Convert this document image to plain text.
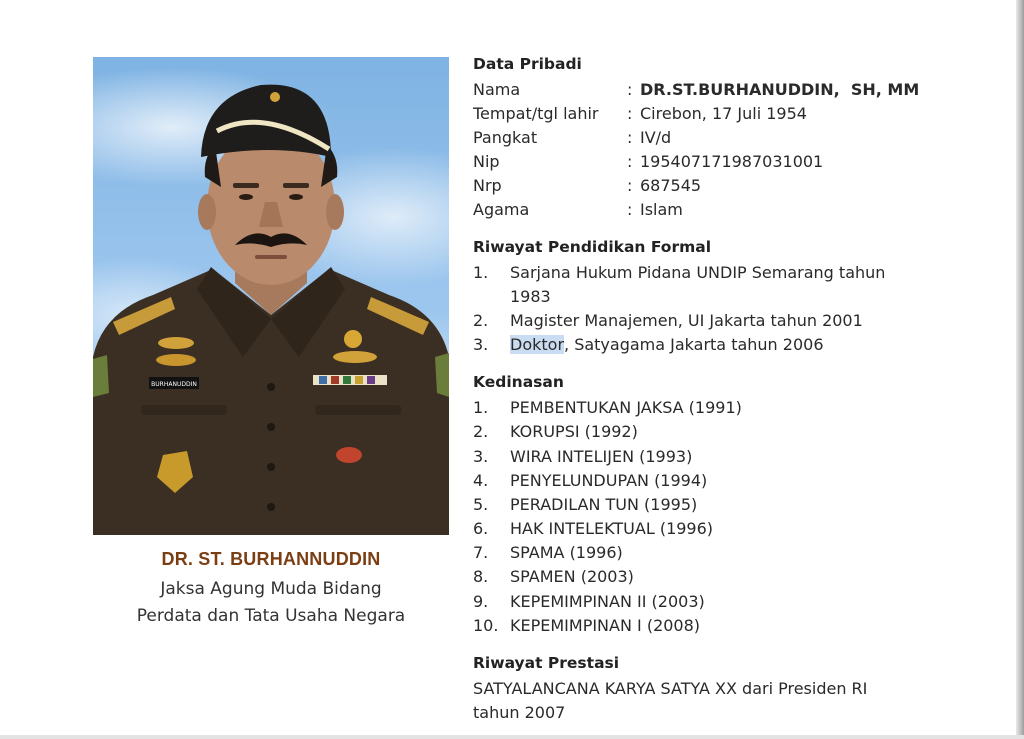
BURHANUDDIN
DR. ST. BURHANNUDDIN
Jaksa Agung Muda Bidang
Perdata dan Tata Usaha Negara
Data Pribadi
Nama	: DR.ST.BURHANUDDIN,  SH, MM
Tempat/tgl lahir : Cirebon, 17 Juli 1954
Pangkat	: IV/d
Nip	: 195407171987031001
Nrp	: 687545
Agama	: Islam
Riwayat Pendidikan Formal
1. Sarjana Hukum Pidana UNDIP Semarang tahun
1983
2. Magister Manajemen, UI Jakarta tahun 2001
3. Doktor, Satyagama Jakarta tahun 2006
Kedinasan
1. PEMBENTUKAN JAKSA (1991)
2. KORUPSI (1992)
3. WIRA INTELIJEN (1993)
4. PENYELUNDUPAN (1994)
5. PERADILAN TUN (1995)
6. HAK INTELEKTUAL (1996)
7. SPAMA (1996)
8. SPAMEN (2003)
9. KEPEMIMPINAN II (2003)
10. KEPEMIMPINAN I (2008)
Riwayat Prestasi
SATYALANCANA KARYA SATYA XX dari Presiden RI
tahun 2007
